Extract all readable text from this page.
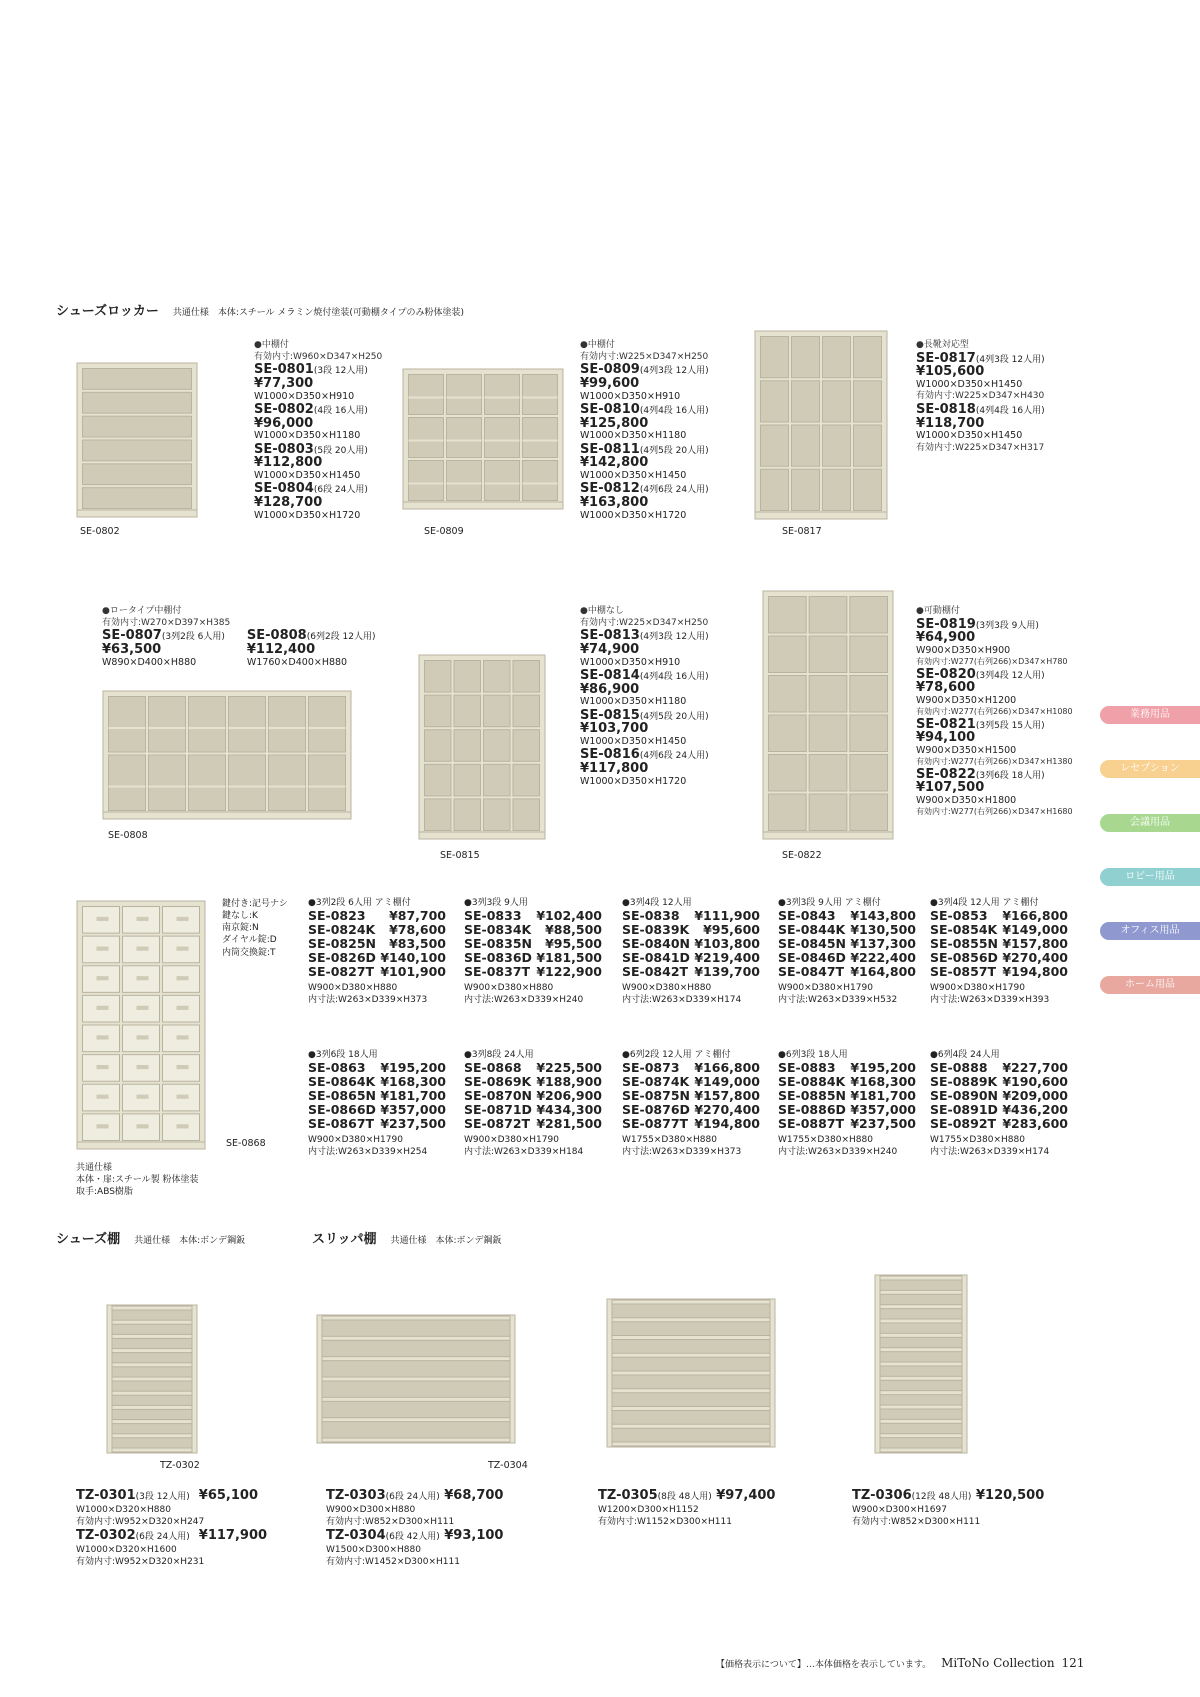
シューズロッカー 共通仕様　本体:スチール メラミン焼付塗装(可動棚タイプのみ粉体塗装)
SE-0802	SE-0809	SE-0817
●中棚付
有効内寸:W960×D347×H250
SE-0801(3段 12人用)
¥77,300
W1000×D350×H910
SE-0802(4段 16人用)
¥96,000
W1000×D350×H1180
SE-0803(5段 20人用)
¥112,800
W1000×D350×H1450
SE-0804(6段 24人用)
¥128,700
W1000×D350×H1720
●中棚付
有効内寸:W225×D347×H250
SE-0809(4列3段 12人用)
¥99,600
W1000×D350×H910
SE-0810(4列4段 16人用)
¥125,800
W1000×D350×H1180
SE-0811(4列5段 20人用)
¥142,800
W1000×D350×H1450
SE-0812(4列6段 24人用)
¥163,800
W1000×D350×H1720
●長靴対応型
SE-0817(4列3段 12人用)
¥105,600
W1000×D350×H1450
有効内寸:W225×D347×H430
SE-0818(4列4段 16人用)
¥118,700
W1000×D350×H1450
有効内寸:W225×D347×H317
●ロータイプ中棚付
有効内寸:W270×D397×H385
SE-0807(3列2段 6人用)
¥63,500
W890×D400×H880
SE-0808(6列2段 12人用)
¥112,400
W1760×D400×H880
SE-0808
SE-0815	SE-0822
●中棚なし
有効内寸:W225×D347×H250
SE-0813(4列3段 12人用)
¥74,900
W1000×D350×H910
SE-0814(4列4段 16人用)
¥86,900
W1000×D350×H1180
SE-0815(4列5段 20人用)
¥103,700
W1000×D350×H1450
SE-0816(4列6段 24人用)
¥117,800
W1000×D350×H1720
●可動棚付
SE-0819(3列3段 9人用)
¥64,900
W900×D350×H900
有効内寸:W277(右列266)×D347×H780
SE-0820(3列4段 12人用)
¥78,600
W900×D350×H1200
有効内寸:W277(右列266)×D347×H1080
SE-0821(3列5段 15人用)
¥94,100
W900×D350×H1500
有効内寸:W277(右列266)×D347×H1380
SE-0822(3列6段 18人用)
¥107,500
W900×D350×H1800
有効内寸:W277(右列266)×D347×H1680
SE-0868
鍵付き:記号ナシ
鍵なし:K
南京錠:N
ダイヤル錠:D
内筒交換錠:T
共通仕様
本体・扉:スチール製 粉体塗装
取手:ABS樹脂
●3列2段 6人用 アミ棚付
SE-0823 ¥87,700
SE-0824K ¥78,600
SE-0825N ¥83,500
SE-0826D ¥140,100
SE-0827T ¥101,900
W900×D380×H880
内寸法:W263×D339×H373
●3列3段 9人用
SE-0833 ¥102,400
SE-0834K ¥88,500
SE-0835N ¥95,500
SE-0836D ¥181,500
SE-0837T ¥122,900
W900×D380×H880
内寸法:W263×D339×H240
●3列4段 12人用
SE-0838 ¥111,900
SE-0839K ¥95,600
SE-0840N ¥103,800
SE-0841D ¥219,400
SE-0842T ¥139,700
W900×D380×H880
内寸法:W263×D339×H174
●3列3段 9人用 アミ棚付
SE-0843 ¥143,800
SE-0844K ¥130,500
SE-0845N ¥137,300
SE-0846D ¥222,400
SE-0847T ¥164,800
W900×D380×H1790
内寸法:W263×D339×H532
●3列4段 12人用 アミ棚付
SE-0853 ¥166,800
SE-0854K ¥149,000
SE-0855N ¥157,800
SE-0856D ¥270,400
SE-0857T ¥194,800
W900×D380×H1790
内寸法:W263×D339×H393
●3列6段 18人用
SE-0863 ¥195,200
SE-0864K ¥168,300
SE-0865N ¥181,700
SE-0866D ¥357,000
SE-0867T ¥237,500
W900×D380×H1790
内寸法:W263×D339×H254
●3列8段 24人用
SE-0868 ¥225,500
SE-0869K ¥188,900
SE-0870N ¥206,900
SE-0871D ¥434,300
SE-0872T ¥281,500
W900×D380×H1790
内寸法:W263×D339×H184
●6列2段 12人用 アミ棚付
SE-0873 ¥166,800
SE-0874K ¥149,000
SE-0875N ¥157,800
SE-0876D ¥270,400
SE-0877T ¥194,800
W1755×D380×H880
内寸法:W263×D339×H373
●6列3段 18人用
SE-0883 ¥195,200
SE-0884K ¥168,300
SE-0885N ¥181,700
SE-0886D ¥357,000
SE-0887T ¥237,500
W1755×D380×H880
内寸法:W263×D339×H240
●6列4段 24人用
SE-0888 ¥227,700
SE-0889K ¥190,600
SE-0890N ¥209,000
SE-0891D ¥436,200
SE-0892T ¥283,600
W1755×D380×H880
内寸法:W263×D339×H174
シューズ棚 共通仕様　本体:ボンデ鋼鈑	スリッパ棚 共通仕様　本体:ボンデ鋼鈑
TZ-0302	TZ-0304
TZ-0301(3段 12人用) ¥65,100
W1000×D320×H880
有効内寸:W952×D320×H247
TZ-0302(6段 24人用) ¥117,900
W1000×D320×H1600
有効内寸:W952×D320×H231
TZ-0303(6段 24人用) ¥68,700
W900×D300×H880
有効内寸:W852×D300×H111
TZ-0304(6段 42人用) ¥93,100
W1500×D300×H880
有効内寸:W1452×D300×H111
TZ-0305(8段 48人用) ¥97,400
W1200×D300×H1152
有効内寸:W1152×D300×H111
TZ-0306(12段 48人用) ¥120,500
W900×D300×H1697
有効内寸:W852×D300×H111
業務用品
レセプション
会議用品
ロビー用品
オフィス用品
ホーム用品
【価格表示について】…本体価格を表示しています。 MiToNo Collection 121
